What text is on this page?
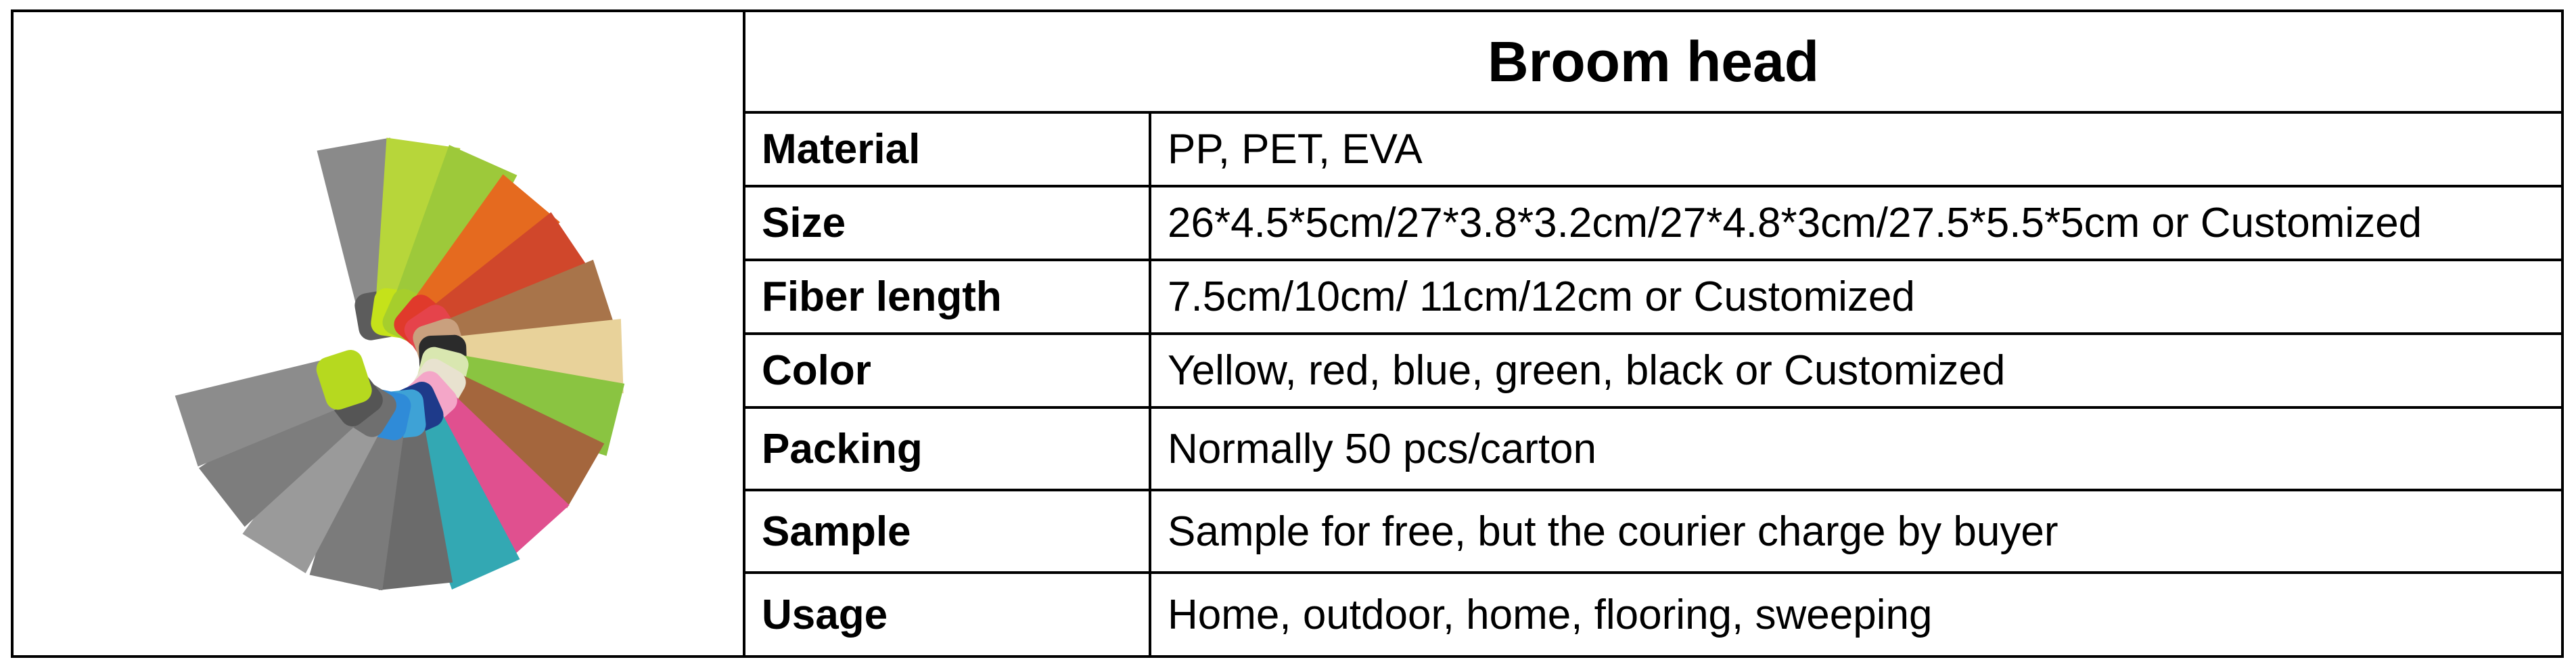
Broom head
Material	PP, PET, EVA
Size	26*4.5*5cm/27*3.8*3.2cm/27*4.8*3cm/27.5*5.5*5cm or Customized
Fiber length	7.5cm/10cm/ 11cm/12cm or Customized
Color	Yellow, red, blue, green, black or Customized
Packing	Normally 50 pcs/carton
Sample	Sample for free, but the courier charge by buyer
Usage	Home, outdoor, home, flooring, sweeping
